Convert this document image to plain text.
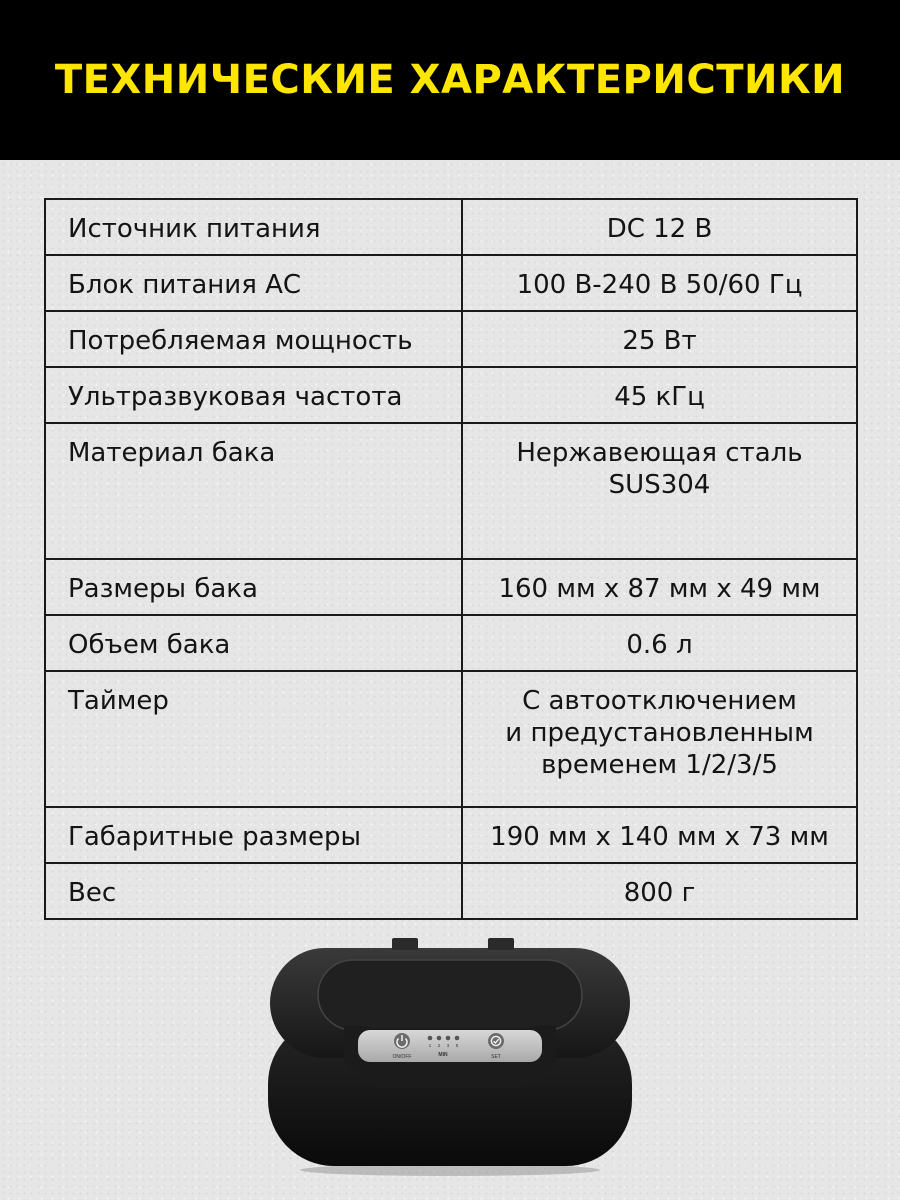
ТЕХНИЧЕСКИЕ ХАРАКТЕРИСТИКИ
Источник питания	DC 12 В
Блок питания АС	100 В-240 В 50/60 Гц
Потребляемая мощность	25 Вт
Ультразвуковая частота	45 кГц
Материал бака	Нержавеющая сталь
SUS304

Размеры бака	160 мм х 87 мм х 49 мм
Объем бака	0.6 л
Таймер	С автоотключением
и предустановленным
временем 1/2/3/5

Габаритные размеры	190 мм х 140 мм х 73 мм
Вес	800 г
ON/OFF
1 2 3 5
MIN	SET
